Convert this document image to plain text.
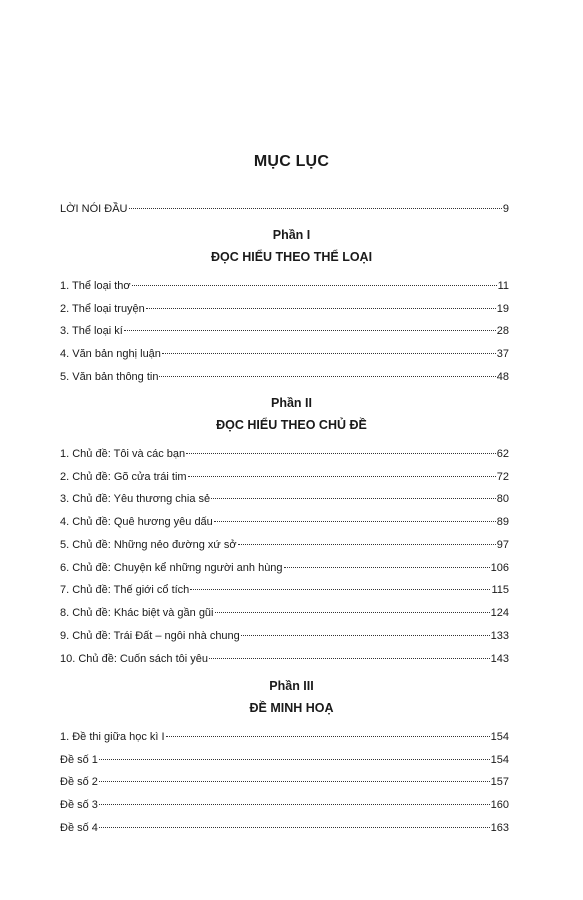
MỤC LỤC
LỜI NÓI ĐẦU	9
Phần I
ĐỌC HIỂU THEO THỂ LOẠI
1. Thể loại thơ	11
2. Thể loại truyện	19
3. Thể loại kí	28
4. Văn bản nghị luận	37
5. Văn bản thông tin	48
Phần II
ĐỌC HIỂU THEO CHỦ ĐỀ
1. Chủ đề: Tôi và các bạn	62
2. Chủ đề: Gõ cửa trái tim	72
3. Chủ đề: Yêu thương chia sẻ	80
4. Chủ đề: Quê hương yêu dấu	89
5. Chủ đề: Những nẻo đường xứ sở	97
6. Chủ đề: Chuyện kể những người anh hùng	106
7. Chủ đề: Thế giới cổ tích	115
8. Chủ đề: Khác biệt và gần gũi	124
9. Chủ đề: Trái Đất – ngôi nhà chung	133
10. Chủ đề: Cuốn sách tôi yêu	143
Phần III
ĐỀ MINH HOẠ
1. Đề thi giữa học kì I	154
Đề số 1	154
Đề số 2	157
Đề số 3	160
Đề số 4	163
